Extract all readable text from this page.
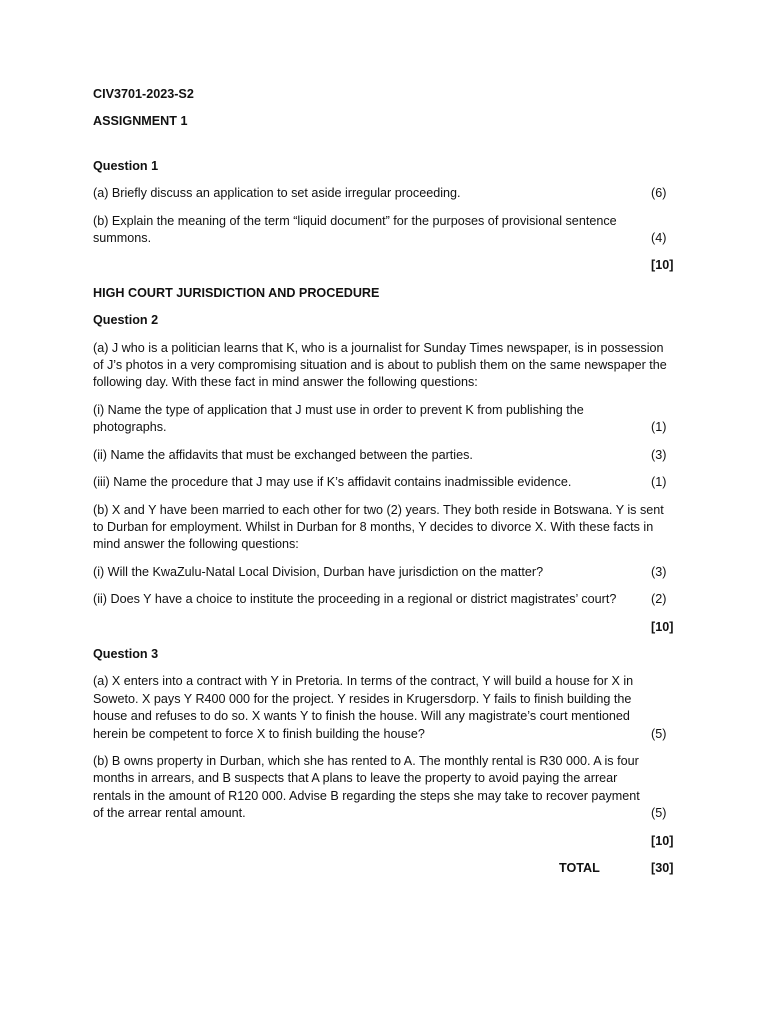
CIV3701-2023-S2

ASSIGNMENT 1

Question 1

(a) Briefly discuss an application to set aside irregular proceeding.	(6)
(b) Explain the meaning of the term “liquid document” for the purposes of provisional sentence summons.	(4)
[10]

HIGH COURT JURISDICTION AND PROCEDURE

Question 2

(a) J who is a politician learns that K, who is a journalist for Sunday Times newspaper, is in possession of J’s photos in a very compromising situation and is about to publish them on the same newspaper the following day. With these fact in mind answer the following questions:

(i) Name the type of application that J must use in order to prevent K from publishing the photographs.	(1)
(ii) Name the affidavits that must be exchanged between the parties.	(3)
(iii) Name the procedure that J may use if K’s affidavit contains inadmissible evidence.	(1)

(b) X and Y have been married to each other for two (2) years. They both reside in Botswana. Y is sent to Durban for employment. Whilst in Durban for 8 months, Y decides to divorce X. With these facts in mind answer the following questions:

(i) Will the KwaZulu-Natal Local Division, Durban have jurisdiction on the matter?	(3)
(ii) Does Y have a choice to institute the proceeding in a regional or district magistrates’ court?	(2)
[10]

Question 3

(a) X enters into a contract with Y in Pretoria. In terms of the contract, Y will build a house for X in Soweto. X pays Y R400 000 for the project. Y resides in Krugersdorp. Y fails to finish building the house and refuses to do so. X wants Y to finish the house. Will any magistrate’s court mentioned herein be competent to force X to finish building the house?	(5)
(b) B owns property in Durban, which she has rented to A. The monthly rental is R30 000. A is four months in arrears, and B suspects that A plans to leave the property to avoid paying the arrear rentals in the amount of R120 000. Advise B regarding the steps she may take to recover payment of the arrear rental amount.	(5)
[10]
TOTAL	[30]
